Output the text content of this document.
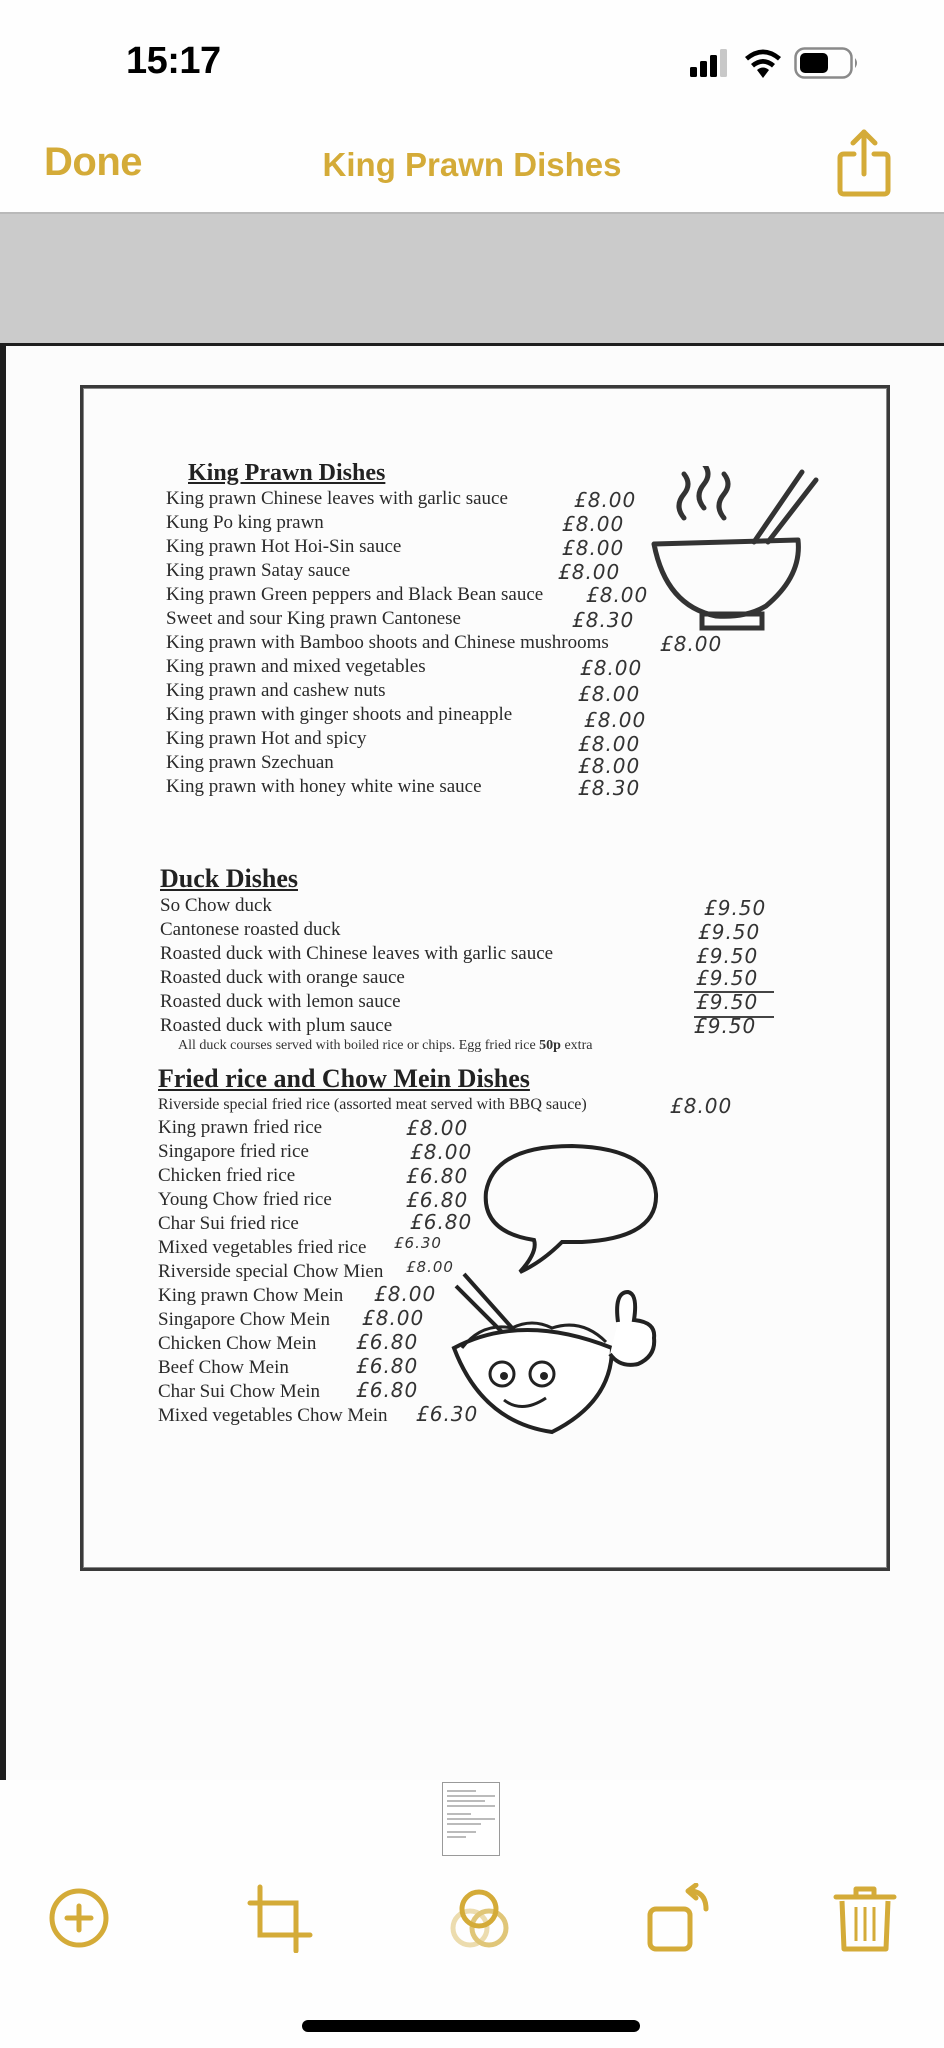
15:17
Done	King Prawn Dishes
King Prawn Dishes
King prawn Chinese leaves with garlic sauce
Kung Po king prawn
King prawn Hot Hoi-Sin sauce
King prawn Satay sauce
King prawn Green peppers and Black Bean sauce
Sweet and sour King prawn Cantonese
King prawn with Bamboo shoots and Chinese mushrooms
King prawn and mixed vegetables
King prawn and cashew nuts
King prawn with ginger shoots and pineapple
King prawn Hot and spicy
King prawn Szechuan
King prawn with honey white wine sauce
£8.00
£8.00
£8.00
£8.00
£8.00
£8.30
£8.00
£8.00
£8.00
£8.00
£8.00
£8.00
£8.30
Duck Dishes
So Chow duck
Cantonese roasted duck
Roasted duck with Chinese leaves with garlic sauce
Roasted duck with orange sauce
Roasted duck with lemon sauce
Roasted duck with plum sauce
All duck courses served with boiled rice or chips. Egg fried rice 50p extra
£9.50
£9.50
£9.50
£9.50
£9.50
£9.50
Fried rice and Chow Mein Dishes
Riverside special fried rice (assorted meat served with BBQ sauce)
King prawn fried rice
Singapore fried rice
Chicken fried rice
Young Chow fried rice
Char Sui fried rice
Mixed vegetables fried rice
Riverside special Chow Mien
King prawn Chow Mein
Singapore Chow Mein
Chicken Chow Mein
Beef Chow Mein
Char Sui Chow Mein
Mixed vegetables Chow Mein
£8.00
£8.00
£8.00
£6.80
£6.80
£6.80
£6.30
£8.00
£8.00
£8.00
£6.80
£6.80
£6.80
£6.30
